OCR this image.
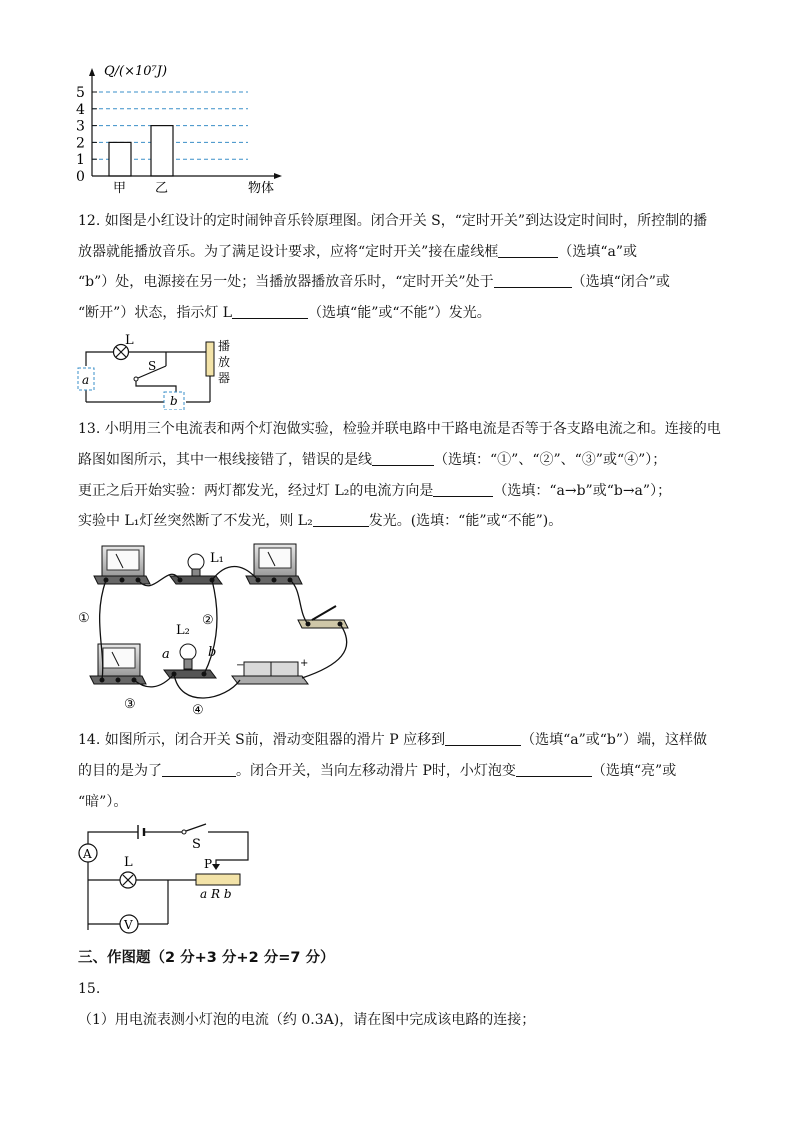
0
1
2
3
4
5
甲 乙
Q/(×10⁷J)
物体
12. 如图是小红设计的定时闹钟音乐铃原理图。闭合开关 S，“定时开关”到达设定时间时，所控制的播
放器就能播放音乐。为了满足设计要求，应将“定时开关”接在虚线框	（选填“a”或
“b”）处，电源接在另一处；当播放器播放音乐时，“定时开关”处于	（选填“闭合”或
“断开”）状态，指示灯 L	（选填“能”或“不能”）发光。
L
S
a
b
播
放
器
13. 小明用三个电流表和两个灯泡做实验，检验并联电路中干路电流是否等于各支路电流之和。连接的电
路图如图所示，其中一根线接错了，错误的是线	（选填：“①”、“②”、“③”或“④”）；
更正之后开始实验：两灯都发光，经过灯 L₂的电流方向是	（选填：“a→b”或“b→a”）；
实验中 L₁灯丝突然断了不发光，则 L₂	发光。(选填：“能”或“不能”)。
L₁
L₂
a	b
−	+
①	②
③	④
14. 如图所示，闭合开关 S前，滑动变阻器的滑片 P 应移到	（选填“a”或“b”）端，这样做
的目的是为了	。闭合开关，当向左移动滑片 P时，小灯泡变	（选填“亮”或
“暗”）。
S
A
L	P
a R b
V
三、作图题（2 分+3 分+2 分=7 分）
15.
（1）用电流表测小灯泡的电流（约 0.3A)，请在图中完成该电路的连接；
